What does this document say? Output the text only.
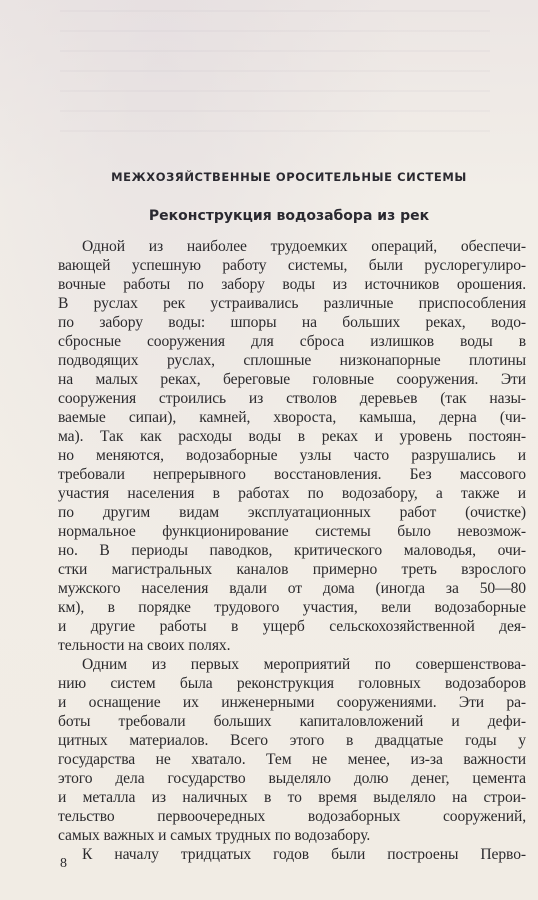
МЕЖХОЗЯЙСТВЕННЫЕ ОРОСИТЕЛЬНЫЕ СИСТЕМЫ
Реконструкция водозабора из рек
Одной из наиболее трудоемких операций, обеспечи-
вающей успешную работу системы, были руслорегулиро-
вочные работы по забору воды из источников орошения.
В руслах рек устраивались различные приспособления
по забору воды: шпоры на больших реках, водо-
сбросные сооружения для сброса излишков воды в
подводящих руслах, сплошные низконапорные плотины
на малых реках, береговые головные сооружения. Эти
сооружения строились из стволов деревьев (так назы-
ваемые сипаи), камней, хвороста, камыша, дерна (чи-
ма). Так как расходы воды в реках и уровень постоян-
но меняются, водозаборные узлы часто разрушались и
требовали непрерывного восстановления. Без массового
участия населения в работах по водозабору, а также и
по другим видам эксплуатационных работ (очистке)
нормальное функционирование системы было невозмож-
но. В периоды паводков, критического маловодья, очи-
стки магистральных каналов примерно треть взрослого
мужского населения вдали от дома (иногда за 50—80
км), в порядке трудового участия, вели водозаборные
и другие работы в ущерб сельскохозяйственной дея-
тельности на своих полях.
Одним из первых мероприятий по совершенствова-
нию систем была реконструкция головных водозаборов
и оснащение их инженерными сооружениями. Эти ра-
боты требовали больших капиталовложений и дефи-
цитных материалов. Всего этого в двадцатые годы у
государства не хватало. Тем не менее, из-за важности
этого дела государство выделяло долю денег, цемента
и металла из наличных в то время выделяло на строи-
тельство первоочередных водозаборных сооружений,
самых важных и самых трудных по водозабору.
К началу тридцатых годов были построены Перво-
8
